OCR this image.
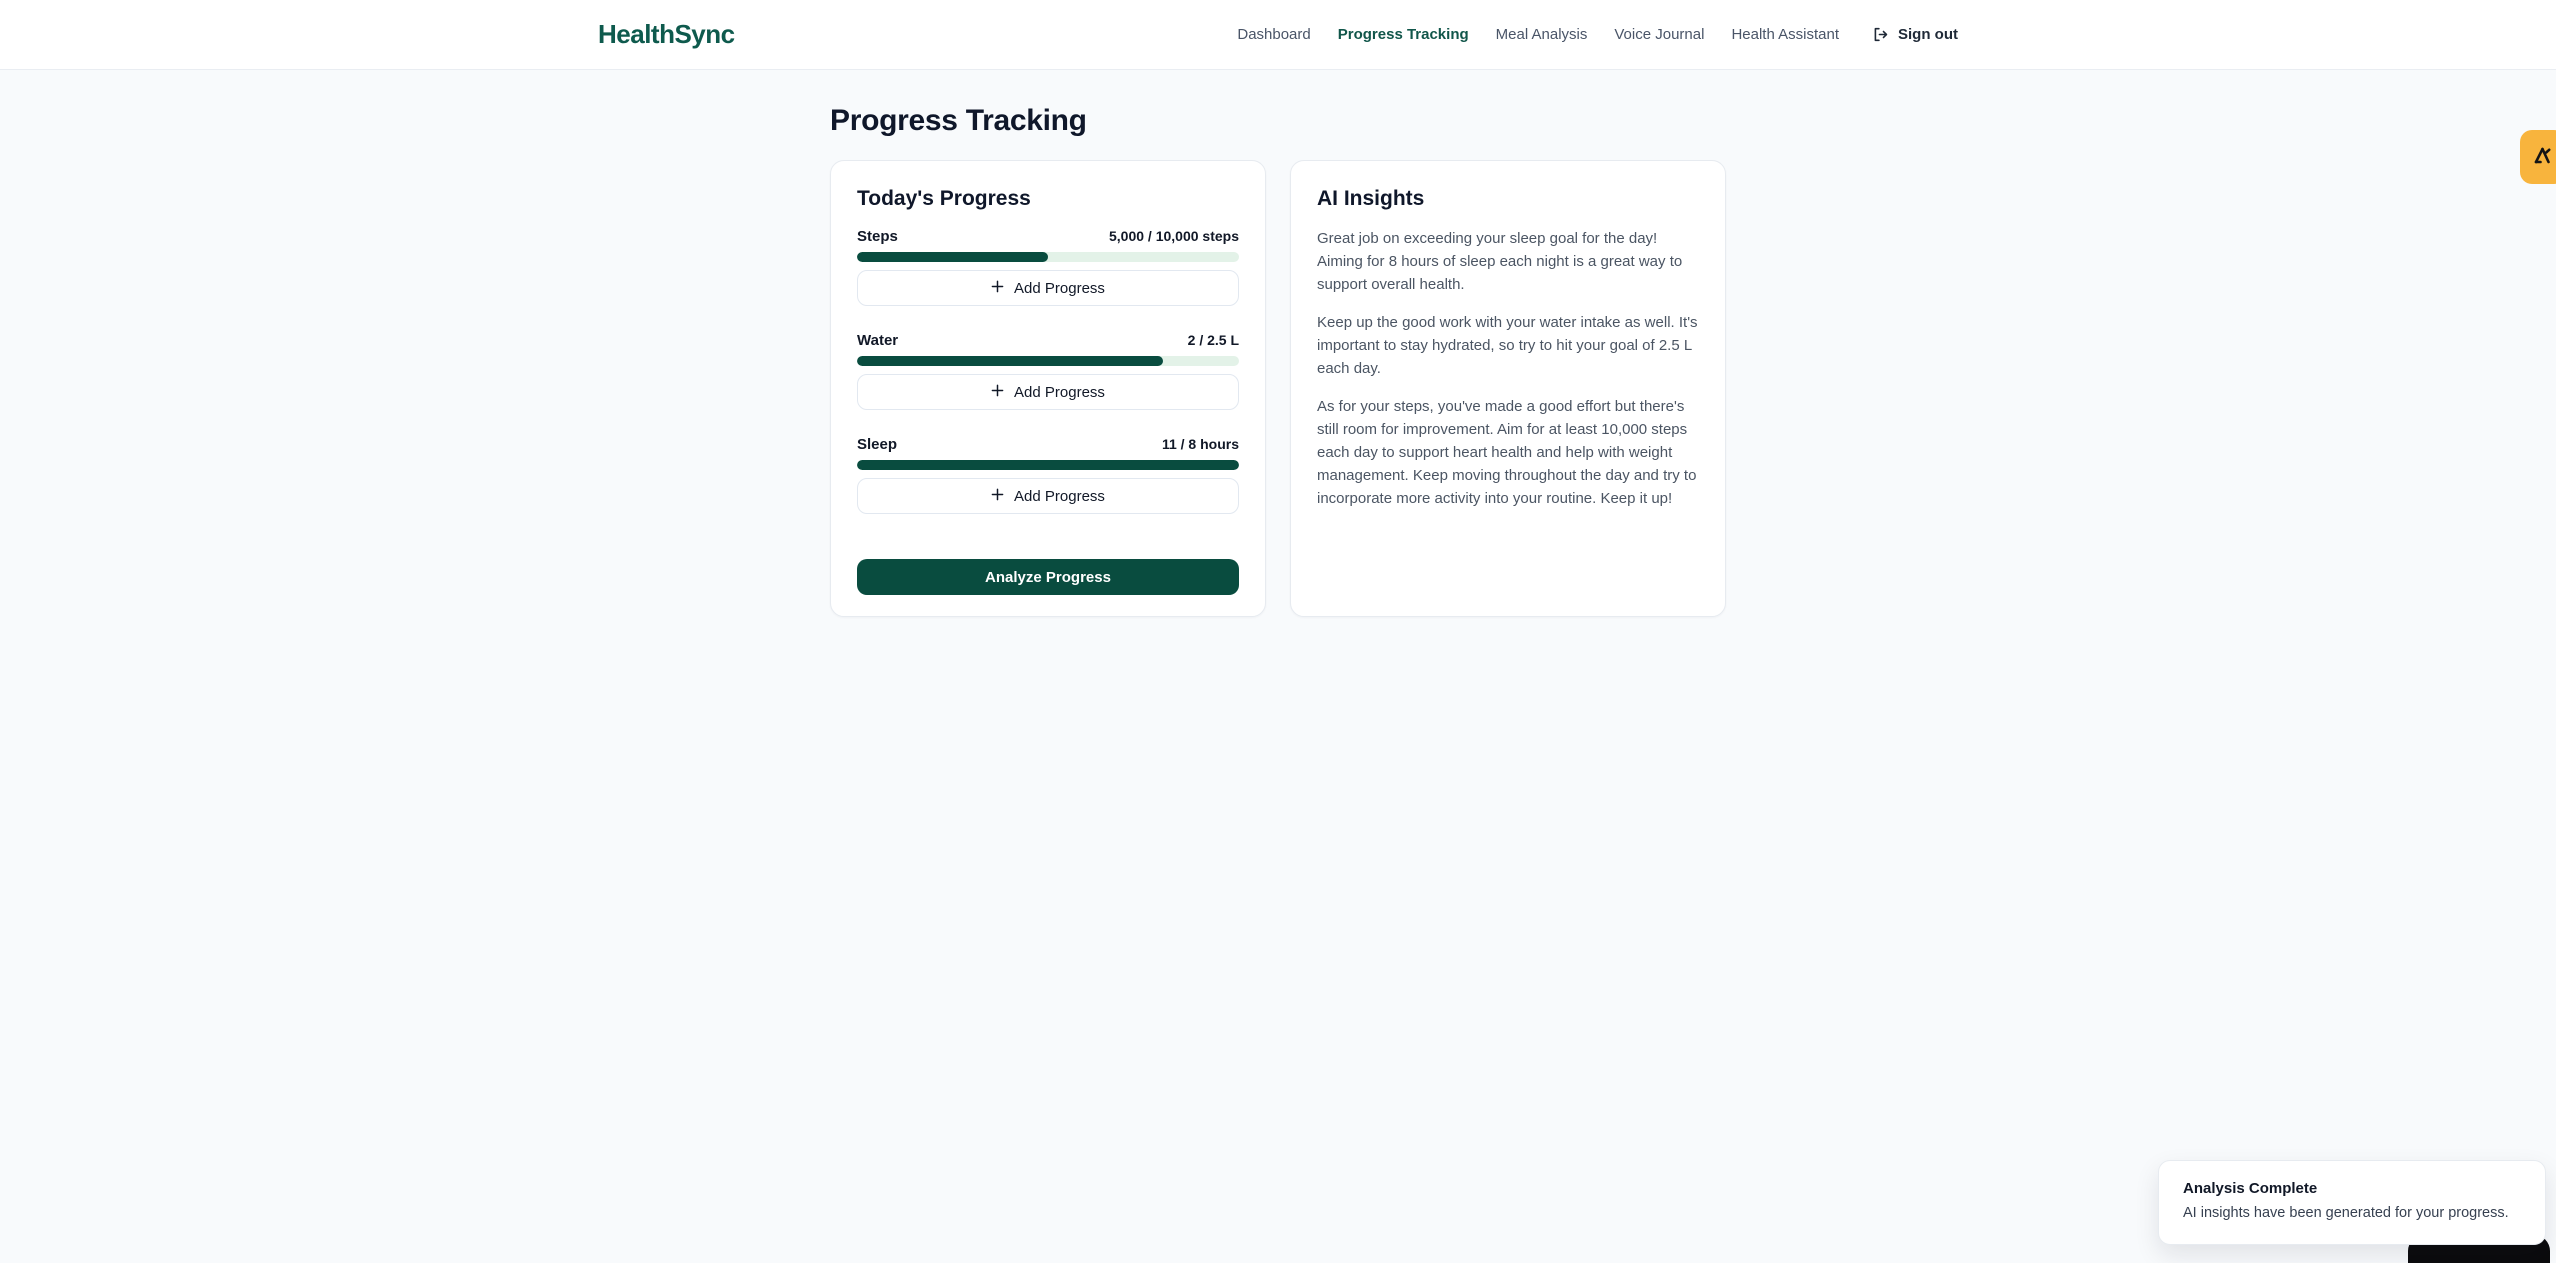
HealthSync	Dashboard Progress Tracking Meal Analysis Voice Journal Health Assistant	Sign out
Progress Tracking
Today's Progress
Steps	5,000 / 10,000 steps
Add Progress
Water	2 / 2.5 L
Add Progress
Sleep	11 / 8 hours
Add Progress
Analyze Progress
AI Insights

Great job on exceeding your sleep goal for the day! Aiming for 8 hours of sleep each night is a great way to support overall health.

Keep up the good work with your water intake as well. It's important to stay hydrated, so try to hit your goal of 2.5 L each day.

As for your steps, you've made a good effort but there's still room for improvement. Aim for at least 10,000 steps each day to support heart health and help with weight management. Keep moving throughout the day and try to incorporate more activity into your routine. Keep it up!

Analysis Complete
AI insights have been generated for your progress.
